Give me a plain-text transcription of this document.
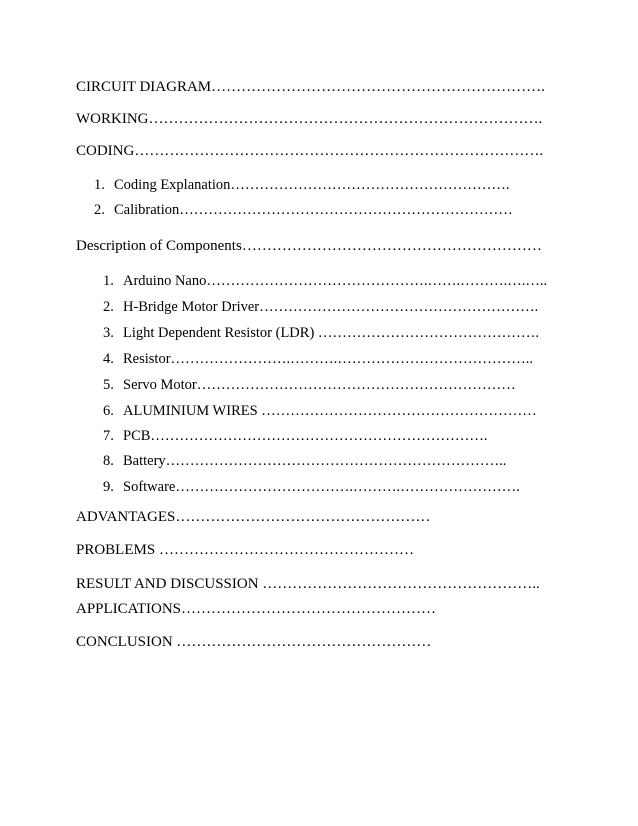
CIRCUIT DIAGRAM………………………………………………………….
WORKING…………………………………………………………………….
CODING……………………………………………………………………….
1. Coding Explanation………………………………………………….
2. Calibration……………………………………………………………
Description of Components……………………………………………………
1. Arduino Nano……………………………………….…….……….….…..
2. H-Bridge Motor Driver………………………………………………….
3. Light Dependent Resistor (LDR) ……………………………………….
4. Resistor…………………….……….…………………………………..
5. Servo Motor…………………………………………………………
6. ALUMINIUM WIRES …………………………………………………
7. PCB…………………………………………………………….
8. Battery……………………………………………………………..
9. Software……………………………….……….…………………….
ADVANTAGES……………………………………………
PROBLEMS ……………………………………………
RESULT AND DISCUSSION ………………………………………………..
APPLICATIONS……………………………………………
CONCLUSION ……………………………………………
